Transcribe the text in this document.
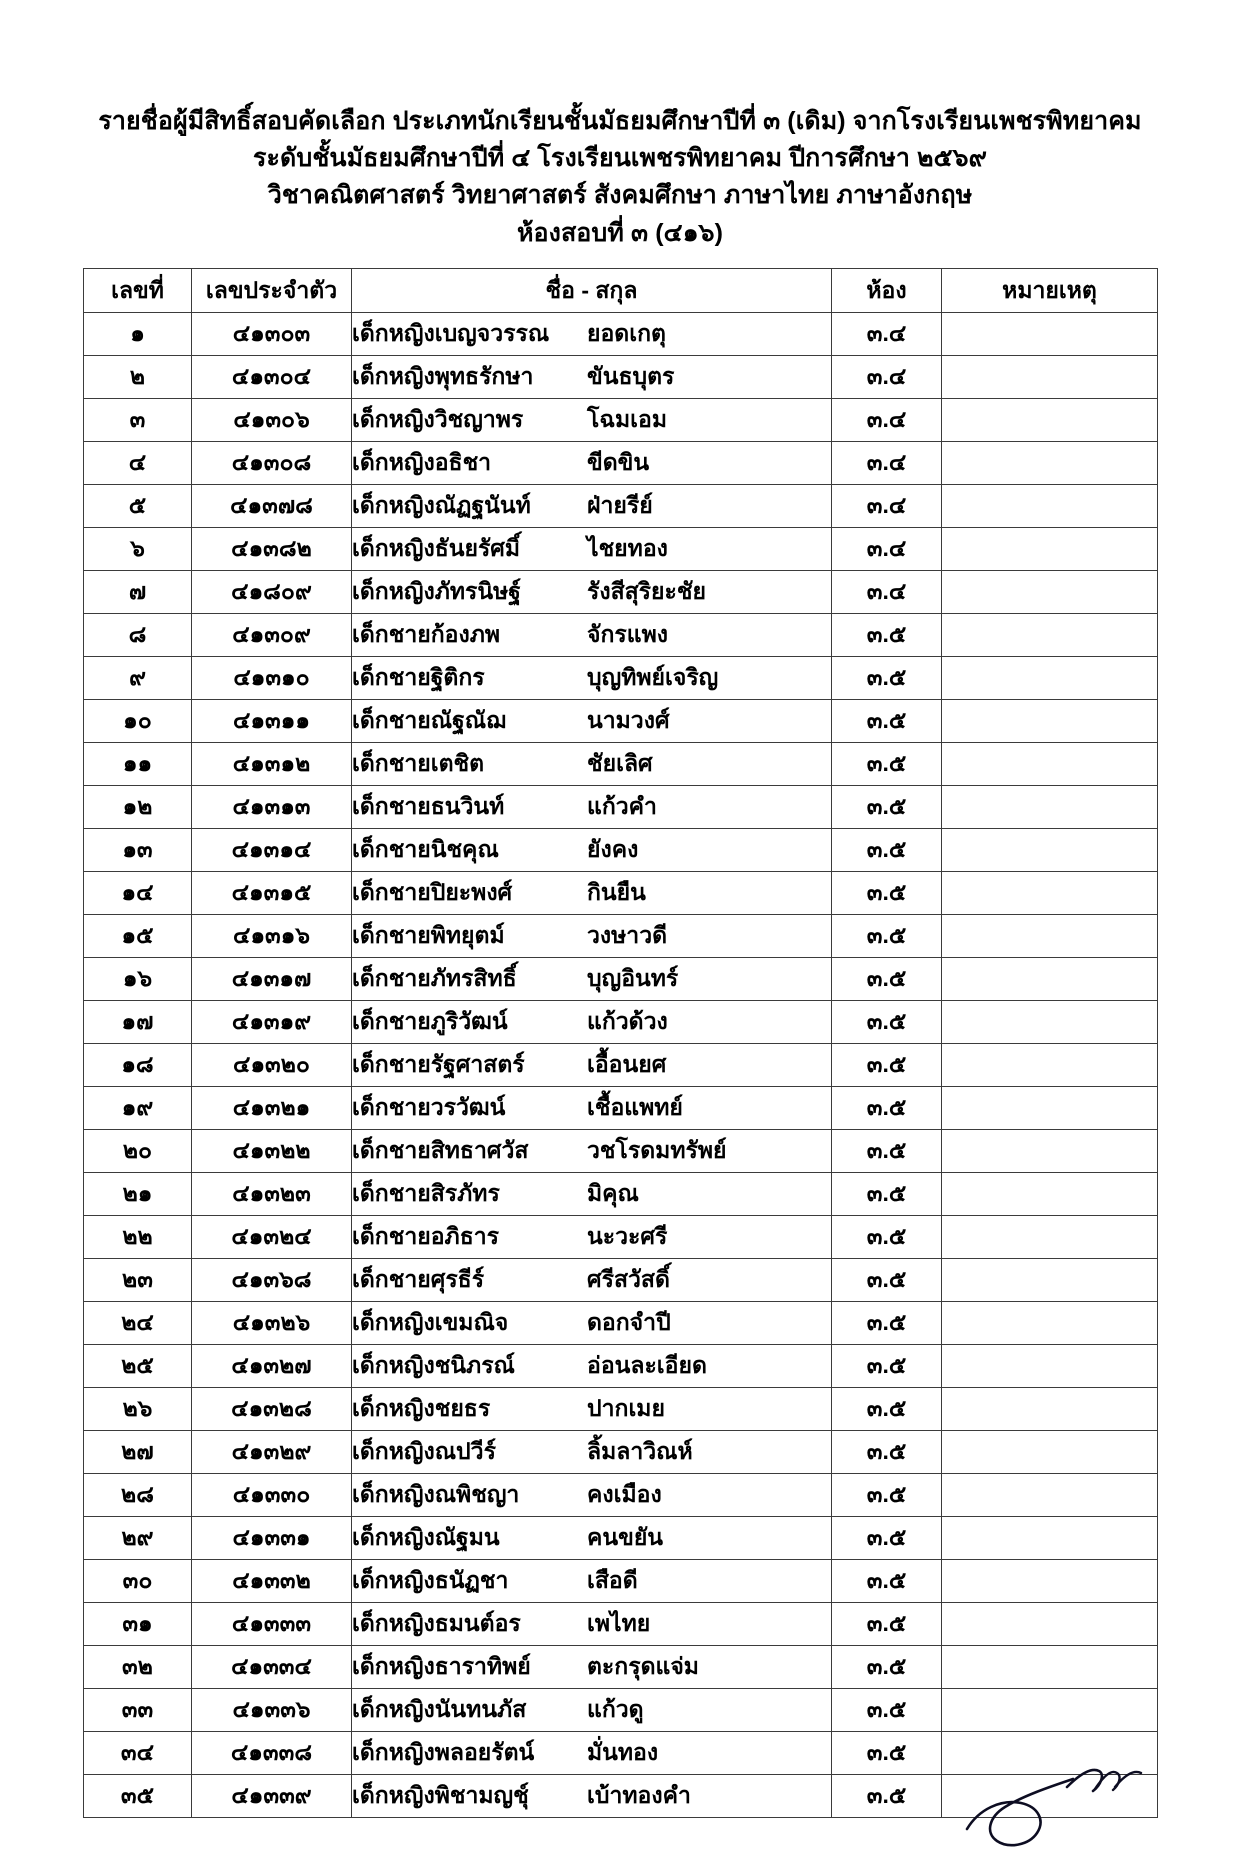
รายชื่อผู้มีสิทธิ์สอบคัดเลือก ประเภทนักเรียนชั้นมัธยมศึกษาปีที่ ๓ (เดิม) จากโรงเรียนเพชรพิทยาคม
ระดับชั้นมัธยมศึกษาปีที่ ๔ โรงเรียนเพชรพิทยาคม ปีการศึกษา ๒๕๖๙
วิชาคณิตศาสตร์ วิทยาศาสตร์ สังคมศึกษา ภาษาไทย ภาษาอังกฤษ
ห้องสอบที่ ๓ (๔๑๖)
เลขที่	เลขประจำตัว	ชื่อ - สกุล	ห้อง	หมายเหตุ
๑	๔๑๓๐๓	เด็กหญิงเบญจวรรณ ยอดเกตุ	๓.๔	
๒	๔๑๓๐๔	เด็กหญิงพุทธรักษา ขันธบุตร	๓.๔	
๓	๔๑๓๐๖	เด็กหญิงวิชญาพร โฉมเอม	๓.๔	
๔	๔๑๓๐๘	เด็กหญิงอธิชา ขีดขิน	๓.๔	
๕	๔๑๓๗๘	เด็กหญิงณัฏฐนันท์ ฝ่ายรีย์	๓.๔	
๖	๔๑๓๘๒	เด็กหญิงธันยรัศมิ์ ไชยทอง	๓.๔	
๗	๔๑๘๐๙	เด็กหญิงภัทรนิษฐ์ รังสีสุริยะชัย	๓.๔	
๘	๔๑๓๐๙	เด็กชายก้องภพ จักรแพง	๓.๕	
๙	๔๑๓๑๐	เด็กชายฐิติกร บุญทิพย์เจริญ	๓.๕	
๑๐	๔๑๓๑๑	เด็กชายณัฐณัฌ นามวงศ์	๓.๕	
๑๑	๔๑๓๑๒	เด็กชายเตชิต ชัยเลิศ	๓.๕	
๑๒	๔๑๓๑๓	เด็กชายธนวินท์ แก้วคำ	๓.๕	
๑๓	๔๑๓๑๔	เด็กชายนิชคุณ ยังคง	๓.๕	
๑๔	๔๑๓๑๕	เด็กชายปิยะพงศ์ กินยืน	๓.๕	
๑๕	๔๑๓๑๖	เด็กชายพิทยุตม์ วงษาวดี	๓.๕	
๑๖	๔๑๓๑๗	เด็กชายภัทรสิทธิ์ บุญอินทร์	๓.๕	
๑๗	๔๑๓๑๙	เด็กชายภูริวัฒน์ แก้วด้วง	๓.๕	
๑๘	๔๑๓๒๐	เด็กชายรัฐศาสตร์ เอื้อนยศ	๓.๕	
๑๙	๔๑๓๒๑	เด็กชายวรวัฒน์ เชื้อแพทย์	๓.๕	
๒๐	๔๑๓๒๒	เด็กชายสิทธาศวัส วชโรดมทรัพย์	๓.๕	
๒๑	๔๑๓๒๓	เด็กชายสิรภัทร มิคุณ	๓.๕	
๒๒	๔๑๓๒๔	เด็กชายอภิธาร นะวะศรี	๓.๕	
๒๓	๔๑๓๖๘	เด็กชายศุรธีร์ ศรีสวัสดิ์	๓.๕	
๒๔	๔๑๓๒๖	เด็กหญิงเขมณิจ ดอกจำปี	๓.๕	
๒๕	๔๑๓๒๗	เด็กหญิงชนิภรณ์ อ่อนละเอียด	๓.๕	
๒๖	๔๑๓๒๘	เด็กหญิงชยธร ปากเมย	๓.๕	
๒๗	๔๑๓๒๙	เด็กหญิงณปวีร์ ลิ้มลาวิณห์	๓.๕	
๒๘	๔๑๓๓๐	เด็กหญิงณพิชญา คงเมือง	๓.๕	
๒๙	๔๑๓๓๑	เด็กหญิงณัฐมน คนขยัน	๓.๕	
๓๐	๔๑๓๓๒	เด็กหญิงธนัฏชา เสือดี	๓.๕	
๓๑	๔๑๓๓๓	เด็กหญิงธมนต์อร เพไทย	๓.๕	
๓๒	๔๑๓๓๔	เด็กหญิงธาราทิพย์ ตะกรุดแจ่ม	๓.๕	
๓๓	๔๑๓๓๖	เด็กหญิงนันทนภัส แก้วดู	๓.๕	
๓๔	๔๑๓๓๘	เด็กหญิงพลอยรัตน์ มั่นทอง	๓.๕	
๓๕	๔๑๓๓๙	เด็กหญิงพิชามญชุ์ เบ้าทองคำ	๓.๕	
